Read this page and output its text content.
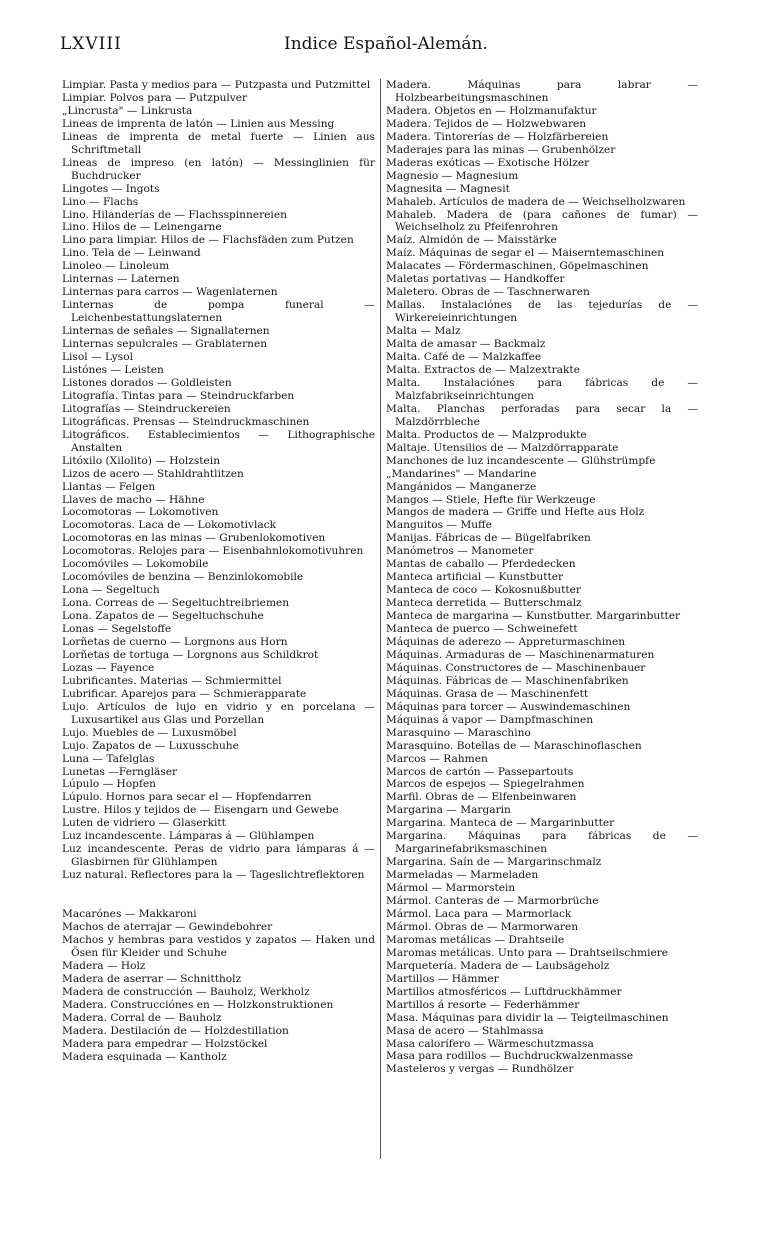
LXVIII	Indice Español-Alemán.
Limpiar. Pasta y medios para — Putzpasta und Putzmittel
Limpiar. Polvos para — Putzpulver
„Lincrusta" — Linkrusta
Lineas de imprenta de latón — Linien aus Messing
Lineas de imprenta de metal fuerte — Linien aus Schriftmetall
Lineas de impreso (en latón) — Messinglinien für Buchdrucker
Lingotes — Ingots
Lino — Flachs
Lino. Hilanderías de — Flachsspinnereien
Lino. Hilos de — Leinengarne
Lino para limpiar. Hilos de — Flachsfäden zum Putzen
Lino. Tela de — Leinwand
Linoleo — Linoleum
Linternas — Laternen
Linternas para carros — Wagenlaternen
Linternas de pompa funeral — Leichenbestattungslaternen
Linternas de señales — Signallaternen
Linternas sepulcrales — Grablaternen
Lisol — Lysol
Listónes — Leisten
Listones dorados — Goldleisten
Litografía. Tintas para — Steindruckfarben
Litografías — Steindruckereien
Litográficas. Prensas — Steindruckmaschinen
Litográficos. Establecimientos — Lithographische Anstalten
Litóxilo (Xilolito) — Holzstein
Lizos de acero — Stahldrahtlitzen
Llantas — Felgen
Llaves de macho — Hähne
Locomotoras — Lokomotiven
Locomotoras. Laca de — Lokomotivlack
Locomotoras en las minas — Grubenlokomotiven
Locomotoras. Relojes para — Eisenbahnlokomotivuhren
Locomóviles — Lokomobile
Locomóviles de benzina — Benzinlokomobile
Lona — Segeltuch
Lona. Correas de — Segeltuchtreibriemen
Lona. Zapatos de — Segeltuchschuhe
Lonas — Segelstoffe
Lorñetas de cuerno — Lorgnons aus Horn
Lorñetas de tortuga — Lorgnons aus Schildkrot
Lozas — Fayence
Lubrificantes. Materias — Schmiermittel
Lubrificar. Aparejos para — Schmierapparate
Lujo. Artículos de lujo en vidrio y en porcelana — Luxusartikel aus Glas und Porzellan
Lujo. Muebles de — Luxusmöbel
Lujo. Zapatos de — Luxusschuhe
Luna — Tafelglas
Lunetas —Ferngläser
Lúpulo — Hopfen
Lúpulo. Hornos para secar el — Hopfendarren
Lustre. Hilos y tejidos de — Eisengarn und Gewebe
Luten de vidriero — Glaserkitt
Luz incandescente. Lámparas á — Glühlampen
Luz incandescente. Peras de vidrio para lámparas á — Glasbirnen für Glühlampen
Luz natural. Reflectores para la — Tageslichtreflektoren
Macarónes — Makkaroni
Machos de aterrajar — Gewindebohrer
Machos y hembras para vestidos y zapatos — Haken und Ösen für Kleider und Schuhe
Madera — Holz
Madera de aserrar — Schnittholz
Madera de construcción — Bauholz, Werkholz
Madera. Construcciónes en — Holzkonstruktionen
Madera. Corral de — Bauholz
Madera. Destilación de — Holzdestillation
Madera para empedrar — Holzstöckel
Madera esquinada — Kantholz
Madera. Máquinas para labrar — Holzbearbeitungsmaschinen
Madera. Objetos en — Holzmanufaktur
Madera. Tejidos de — Holzwebwaren
Madera. Tintorerías de — Holzfärbereien
Maderajes para las minas — Grubenhölzer
Maderas exóticas — Exotische Hölzer
Magnesio — Magnesium
Magnesita — Magnesit
Mahaleb. Artículos de madera de — Weichselholzwaren
Mahaleb. Madera de (para cañones de fumar) — Weichselholz zu Pfeifenrohren
Maíz. Almidón de — Maisstärke
Maíz. Máquinas de segar el — Maiserntemaschinen
Malacates — Fördermaschinen, Göpelmaschinen
Maletas portativas — Handkoffer
Maletero. Obras de — Taschnerwaren
Mallas. Instalaciónes de las tejedurías de — Wirkereieinrichtungen
Malta — Malz
Malta de amasar — Backmalz
Malta. Café de — Malzkaffee
Malta. Extractos de — Malzextrakte
Malta. Instalaciónes para fábricas de — Malzfabrikseinrichtungen
Malta. Planchas perforadas para secar la — Malzdörrbleche
Malta. Productos de — Malzprodukte
Maltaje. Utensilios de — Malzdörrapparate
Manchones de luz incandescente — Glühstrümpfe
„Mandarines" — Mandarine
Mangánidos — Manganerze
Mangos — Stiele, Hefte für Werkzeuge
Mangos de madera — Griffe und Hefte aus Holz
Manguitos — Muffe
Manijas. Fábricas de — Bügelfabriken
Manómetros — Manometer
Mantas de caballo — Pferdedecken
Manteca artificial — Kunstbutter
Manteca de coco — Kokosnußbutter
Manteca derretida — Butterschmalz
Manteca de margarina — Kunstbutter. Margarinbutter
Manteca de puerco — Schweinefett
Máquinas de aderezo — Appreturmaschinen
Máquinas. Armaduras de — Maschinenarmaturen
Máquinas. Constructores de — Maschinenbauer
Máquinas. Fábricas de — Maschinenfabriken
Máquinas. Grasa de — Maschinenfett
Máquinas para torcer — Auswindemaschinen
Máquinas á vapor — Dampfmaschinen
Marasquino — Maraschino
Marasquino. Botellas de — Maraschinoflaschen
Marcos — Rahmen
Marcos de cartón — Passepartouts
Marcos de espejos — Spiegelrahmen
Marfil. Obras de — Elfenbeinwaren
Margarina — Margarin
Margarina. Manteca de — Margarinbutter
Margarina. Máquinas para fábricas de — Margarinefabriksmaschinen
Margarina. Saín de — Margarinschmalz
Marmeladas — Marmeladen
Mármol — Marmorstein
Mármol. Canteras de — Marmorbrüche
Mármol. Laca para — Marmorlack
Mármol. Obras de — Marmorwaren
Maromas metálicas — Drahtseile
Maromas metálicas. Unto para — Drahtseilschmiere
Marquetería. Madera de — Laubsägeholz
Martillos — Hämmer
Martillos atmosféricos — Luftdruckhämmer
Martillos á resorte — Federhämmer
Masa. Máquinas para dividir la — Teigteilmaschinen
Masa de acero — Stahlmassa
Masa calorífero — Wärmeschutzmassa
Masa para rodillos — Buchdruckwalzenmasse
Masteleros y vergas — Rundhölzer
